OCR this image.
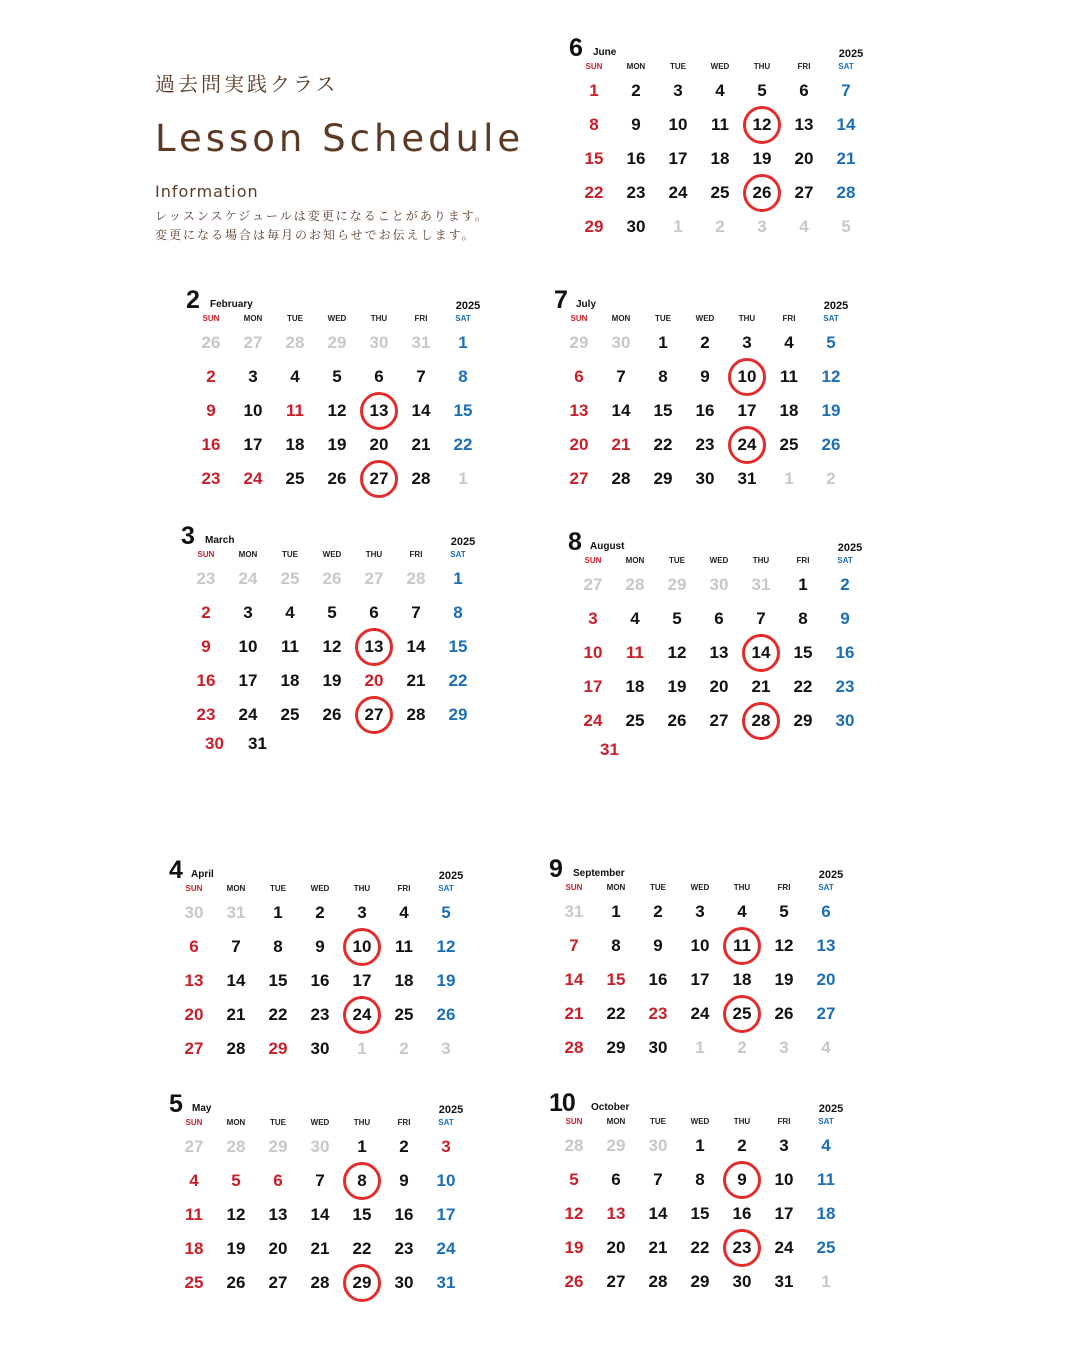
過去問実践クラス
Lesson Schedule
Information
レッスンスケジュールは変更になることがあります。
変更になる場合は毎月のお知らせでお伝えします。
6 June	2025
SUN	MON	TUE	WED	THU	FRI	SAT
1	2	3	4	5	6	7
8	9	10	11	12	13	14
15	16	17	18	19	20	21
22	23	24	25	26	27	28
29	30	1	2	3	4	5
2 February	2025
SUN	MON	TUE	WED	THU	FRI	SAT
26	27	28	29	30	31	1
2	3	4	5	6	7	8
9	10	11	12	13	14	15
16	17	18	19	20	21	22
23	24	25	26	27	28	1
7 July	2025
SUN	MON	TUE	WED	THU	FRI	SAT
29	30	1	2	3	4	5
6	7	8	9	10	11	12
13	14	15	16	17	18	19
20	21	22	23	24	25	26
27	28	29	30	31	1	2
3 March	2025
SUN	MON	TUE	WED	THU	FRI	SAT
23	24	25	26	27	28	1
2	3	4	5	6	7	8
9	10	11	12	13	14	15
16	17	18	19	20	21	22
23	24	25	26	27	28	29
30 31
8 August	2025
SUN	MON	TUE	WED	THU	FRI	SAT
27	28	29	30	31	1	2
3	4	5	6	7	8	9
10	11	12	13	14	15	16
17	18	19	20	21	22	23
24	25	26	27	28	29	30
31
4 April	2025
SUN	MON	TUE	WED	THU	FRI	SAT
30	31	1	2	3	4	5
6	7	8	9	10	11	12
13	14	15	16	17	18	19
20	21	22	23	24	25	26
27	28	29	30	1	2	3
9 September	2025
SUN	MON	TUE	WED	THU	FRI	SAT
31	1	2	3	4	5	6
7	8	9	10	11	12	13
14	15	16	17	18	19	20
21	22	23	24	25	26	27
28	29	30	1	2	3	4
5 May	2025
SUN	MON	TUE	WED	THU	FRI	SAT
27	28	29	30	1	2	3
4	5	6	7	8	9	10
11	12	13	14	15	16	17
18	19	20	21	22	23	24
25	26	27	28	29	30	31
10 October	2025
SUN	MON	TUE	WED	THU	FRI	SAT
28	29	30	1	2	3	4
5	6	7	8	9	10	11
12	13	14	15	16	17	18
19	20	21	22	23	24	25
26	27	28	29	30	31	1
